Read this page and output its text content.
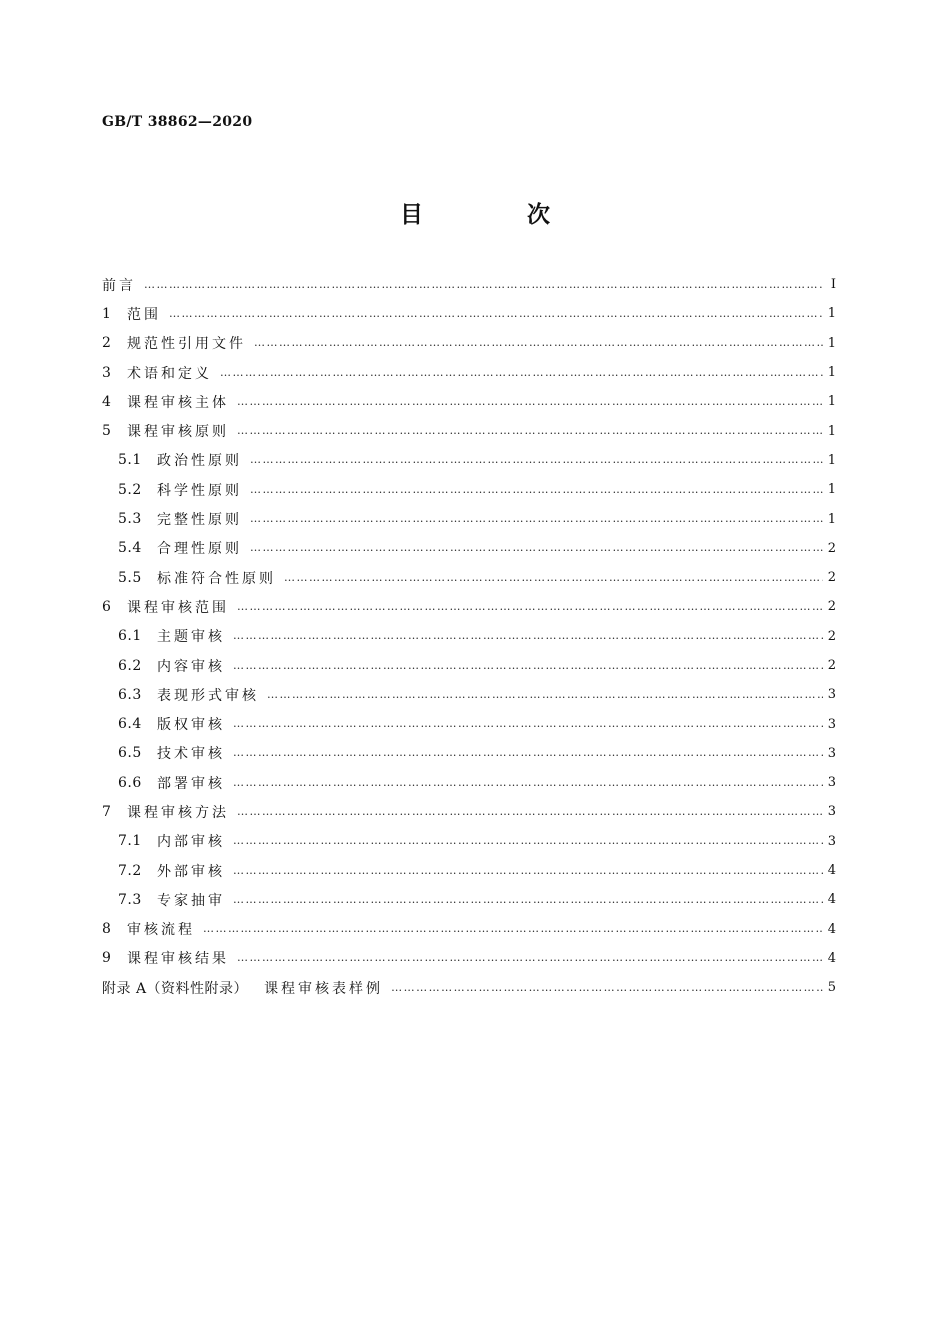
GB/T 38862—2020
目 次
前言 …………………………………………………………………………………………………………………………………………………………………………………………………	Ⅰ
1	范围 …………………………………………………………………………………………………………………………………………………………………………………………………	1
2	规范性引用文件 …………………………………………………………………………………………………………………………………………………………………………………………………	1
3	术语和定义 …………………………………………………………………………………………………………………………………………………………………………………………………	1
4	课程审核主体 …………………………………………………………………………………………………………………………………………………………………………………………………	1
5	课程审核原则 …………………………………………………………………………………………………………………………………………………………………………………………………	1
5.1	政治性原则 …………………………………………………………………………………………………………………………………………………………………………………………………	1
5.2	科学性原则 …………………………………………………………………………………………………………………………………………………………………………………………………	1
5.3	完整性原则 …………………………………………………………………………………………………………………………………………………………………………………………………	1
5.4	合理性原则 …………………………………………………………………………………………………………………………………………………………………………………………………	2
5.5	标准符合性原则 …………………………………………………………………………………………………………………………………………………………………………………………………	2
6	课程审核范围 …………………………………………………………………………………………………………………………………………………………………………………………………	2
6.1	主题审核 …………………………………………………………………………………………………………………………………………………………………………………………………	2
6.2	内容审核 …………………………………………………………………………………………………………………………………………………………………………………………………	2
6.3	表现形式审核 …………………………………………………………………………………………………………………………………………………………………………………………………	3
6.4	版权审核 …………………………………………………………………………………………………………………………………………………………………………………………………	3
6.5	技术审核 …………………………………………………………………………………………………………………………………………………………………………………………………	3
6.6	部署审核 …………………………………………………………………………………………………………………………………………………………………………………………………	3
7	课程审核方法 …………………………………………………………………………………………………………………………………………………………………………………………………	3
7.1	内部审核 …………………………………………………………………………………………………………………………………………………………………………………………………	3
7.2	外部审核 …………………………………………………………………………………………………………………………………………………………………………………………………	4
7.3	专家抽审 …………………………………………………………………………………………………………………………………………………………………………………………………	4
8	审核流程 …………………………………………………………………………………………………………………………………………………………………………………………………	4
9	课程审核结果 …………………………………………………………………………………………………………………………………………………………………………………………………	4
附录 A（资料性附录） 课程审核表样例 …………………………………………………………………………………………………………………………………………………………………………………………………	5
